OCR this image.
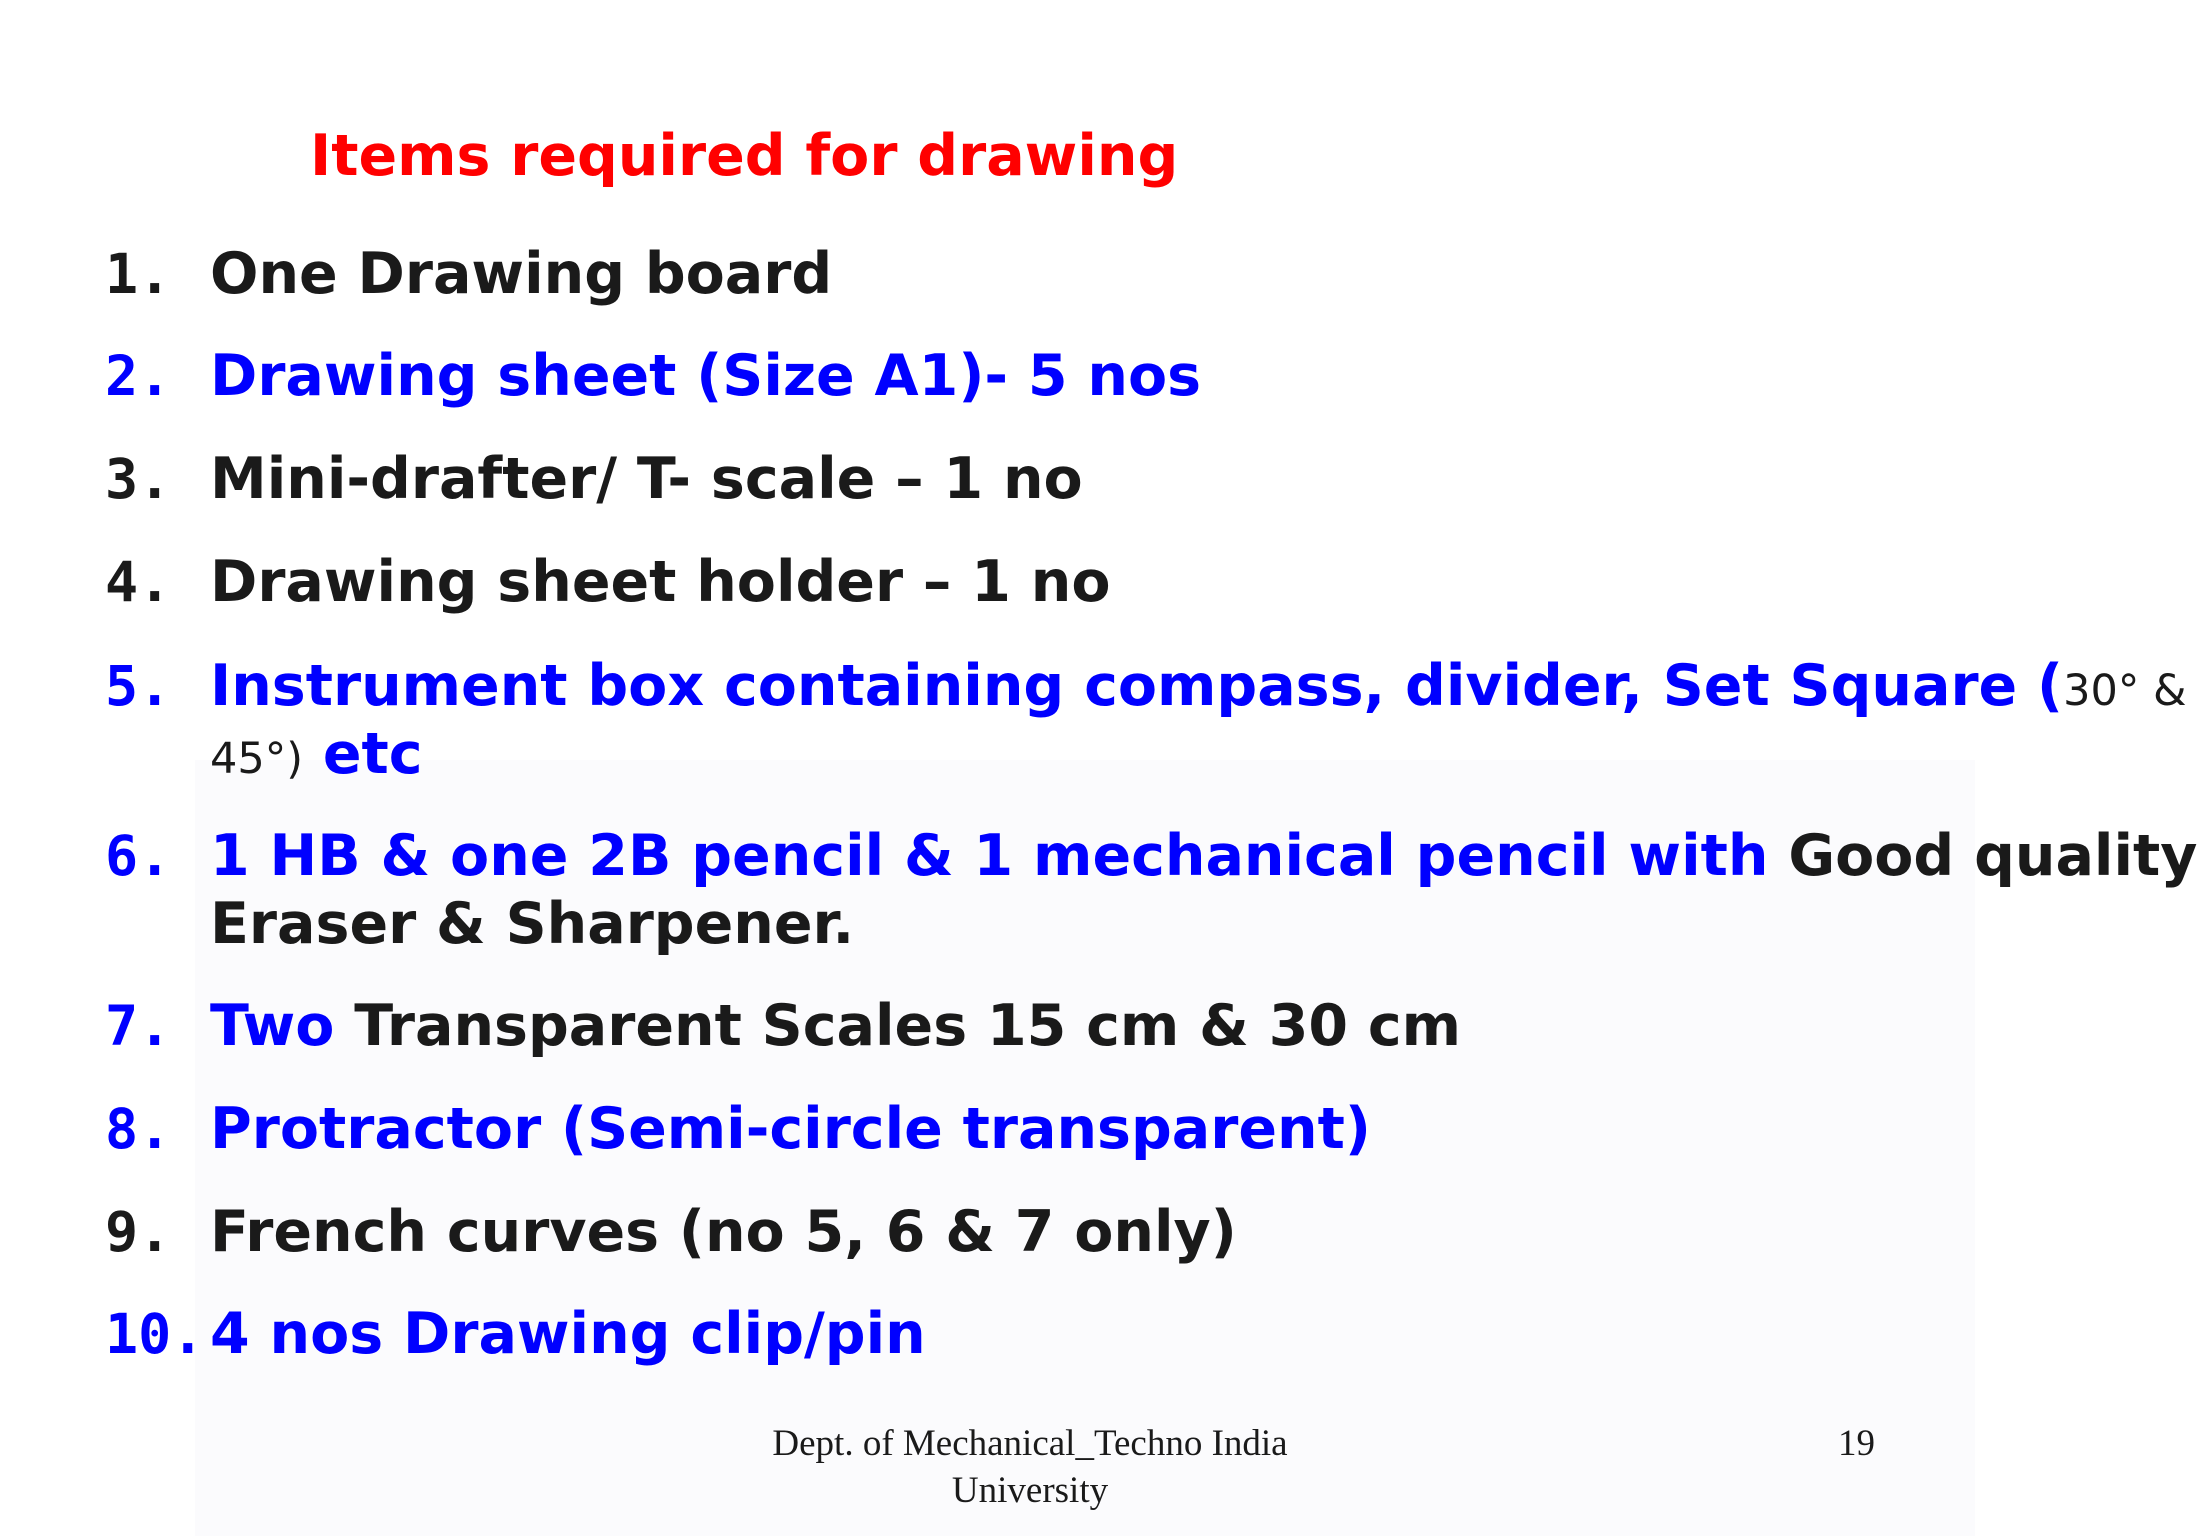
Items required for drawing
1. One Drawing board
2. Drawing sheet (Size A1)- 5 nos
3. Mini-drafter/ T- scale – 1 no
4. Drawing sheet holder – 1 no
5. Instrument box containing compass, divider, Set Square (30° &
45°) etc
6. 1 HB & one 2B pencil & 1 mechanical pencil with Good quality
Eraser & Sharpener.
7. Two Transparent Scales 15 cm & 30 cm
8. Protractor (Semi-circle transparent)
9. French curves (no 5, 6 & 7 only)
10. 4 nos Drawing clip/pin
Dept. of Mechanical_Techno India
University
19
